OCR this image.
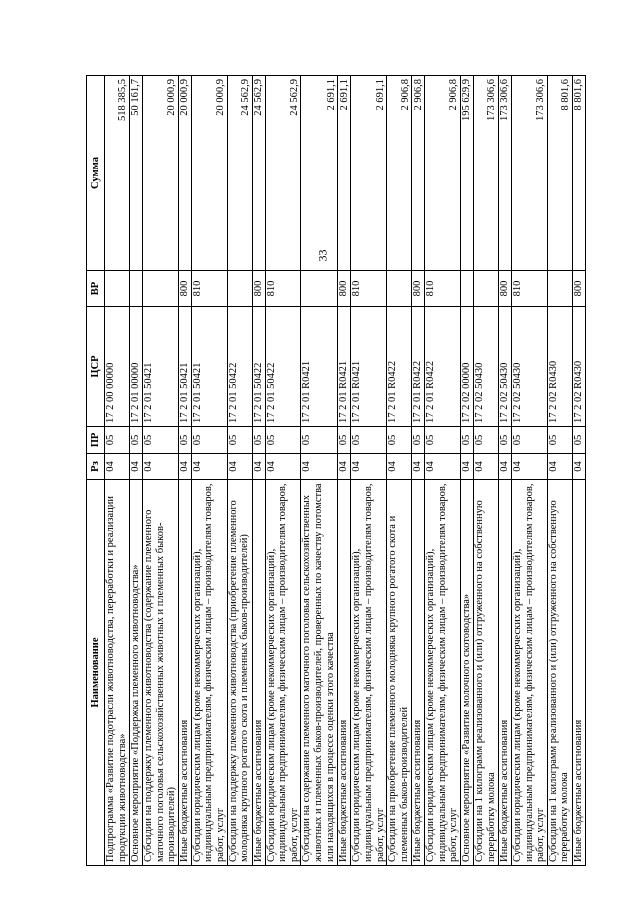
33
Наименование	Рз	ПР	ЦСР	ВР	Сумма
Подпрограмма «Развитие подотрасли животноводства, переработки и реализации продукции животноводства»	04	05	17 2 00 00000		518 385,5
Основное мероприятие «Поддержка племенного животноводства»	04	05	17 2 01 00000		50 161,7
Субсидии на поддержку племенного животноводства (содержание племенного маточного поголовья сельскохозяйственных животных и племенных быков-производителей)	04	05	17 2 01 50421		20 000,9
Иные бюджетные ассигнования	04	05	17 2 01 50421	800	20 000,9
Субсидии юридическим лицам (кроме некоммерческих организаций), индивидуальным предпринимателям, физическим лицам – производителям товаров, работ, услуг	04	05	17 2 01 50421	810	20 000,9
Субсидии на поддержку племенного животноводства (приобретение племенного молодняка крупного рогатого скота и племенных быков-производителей)	04	05	17 2 01 50422		24 562,9
Иные бюджетные ассигнования	04	05	17 2 01 50422	800	24 562,9
Субсидии юридическим лицам (кроме некоммерческих организаций), индивидуальным предпринимателям, физическим лицам – производителям товаров, работ, услуг	04	05	17 2 01 50422	810	24 562,9
Субсидии на содержание племенного маточного поголовья сельскохозяйственных животных и племенных быков-производителей, проверенных по качеству потомства или находящихся в процессе оценки этого качества	04	05	17 2 01 R0421		2 691,1
Иные бюджетные ассигнования	04	05	17 2 01 R0421	800	2 691,1
Субсидии юридическим лицам (кроме некоммерческих организаций), индивидуальным предпринимателям, физическим лицам – производителям товаров, работ, услуг	04	05	17 2 01 R0421	810	2 691,1
Субсидии на приобретение племенного молодняка крупного рогатого скота и племенных быков-производителей	04	05	17 2 01 R0422		2 906,8
Иные бюджетные ассигнования	04	05	17 2 01 R0422	800	2 906,8
Субсидии юридическим лицам (кроме некоммерческих организаций), индивидуальным предпринимателям, физическим лицам – производителям товаров, работ, услуг	04	05	17 2 01 R0422	810	2 906,8
Основное мероприятие «Развитие молочного скотоводства»	04	05	17 2 02 00000		195 629,9
Субсидии на 1 килограмм реализованного и (или) отгруженного на собственную переработку молока	04	05	17 2 02 50430		173 306,6
Иные бюджетные ассигнования	04	05	17 2 02 50430	800	173 306,6
Субсидии юридическим лицам (кроме некоммерческих организаций), индивидуальным предпринимателям, физическим лицам – производителям товаров, работ, услуг	04	05	17 2 02 50430	810	173 306,6
Субсидии на 1 килограмм реализованного и (или) отгруженного на собственную переработку молока	04	05	17 2 02 R0430		8 801,6
Иные бюджетные ассигнования	04	05	17 2 02 R0430	800	8 801,6
